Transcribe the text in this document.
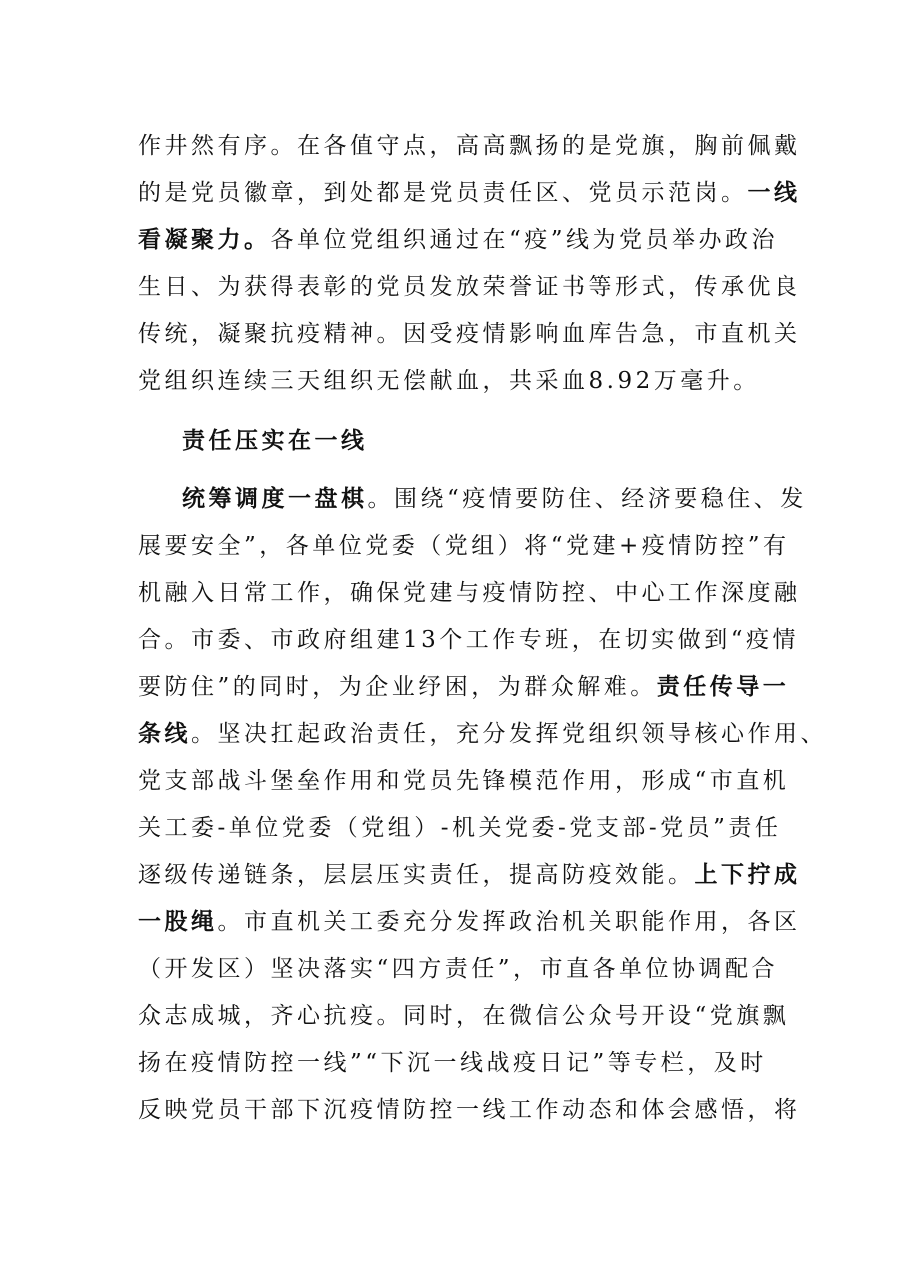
作井然有序。在各值守点，高高飘扬的是党旗，胸前佩戴
的是党员徽章，到处都是党员责任区、党员示范岗。一线
看凝聚力。各单位党组织通过在“疫”线为党员举办政治
生日、为获得表彰的党员发放荣誉证书等形式，传承优良
传统，凝聚抗疫精神。因受疫情影响血库告急，市直机关
党组织连续三天组织无偿献血，共采血8.92万毫升。
责任压实在一线
统筹调度一盘棋。围绕“疫情要防住、经济要稳住、发
展要安全”，各单位党委（党组）将“党建+疫情防控”有
机融入日常工作，确保党建与疫情防控、中心工作深度融
合。市委、市政府组建13个工作专班，在切实做到“疫情
要防住”的同时，为企业纾困，为群众解难。责任传导一
条线。坚决扛起政治责任，充分发挥党组织领导核心作用、
党支部战斗堡垒作用和党员先锋模范作用，形成“市直机
关工委-单位党委（党组）-机关党委-党支部-党员”责任
逐级传递链条，层层压实责任，提高防疫效能。上下拧成
一股绳。市直机关工委充分发挥政治机关职能作用，各区
（开发区）坚决落实“四方责任”，市直各单位协调配合
众志成城，齐心抗疫。同时，在微信公众号开设“党旗飘
扬在疫情防控一线”“下沉一线战疫日记”等专栏，及时
反映党员干部下沉疫情防控一线工作动态和体会感悟，将
